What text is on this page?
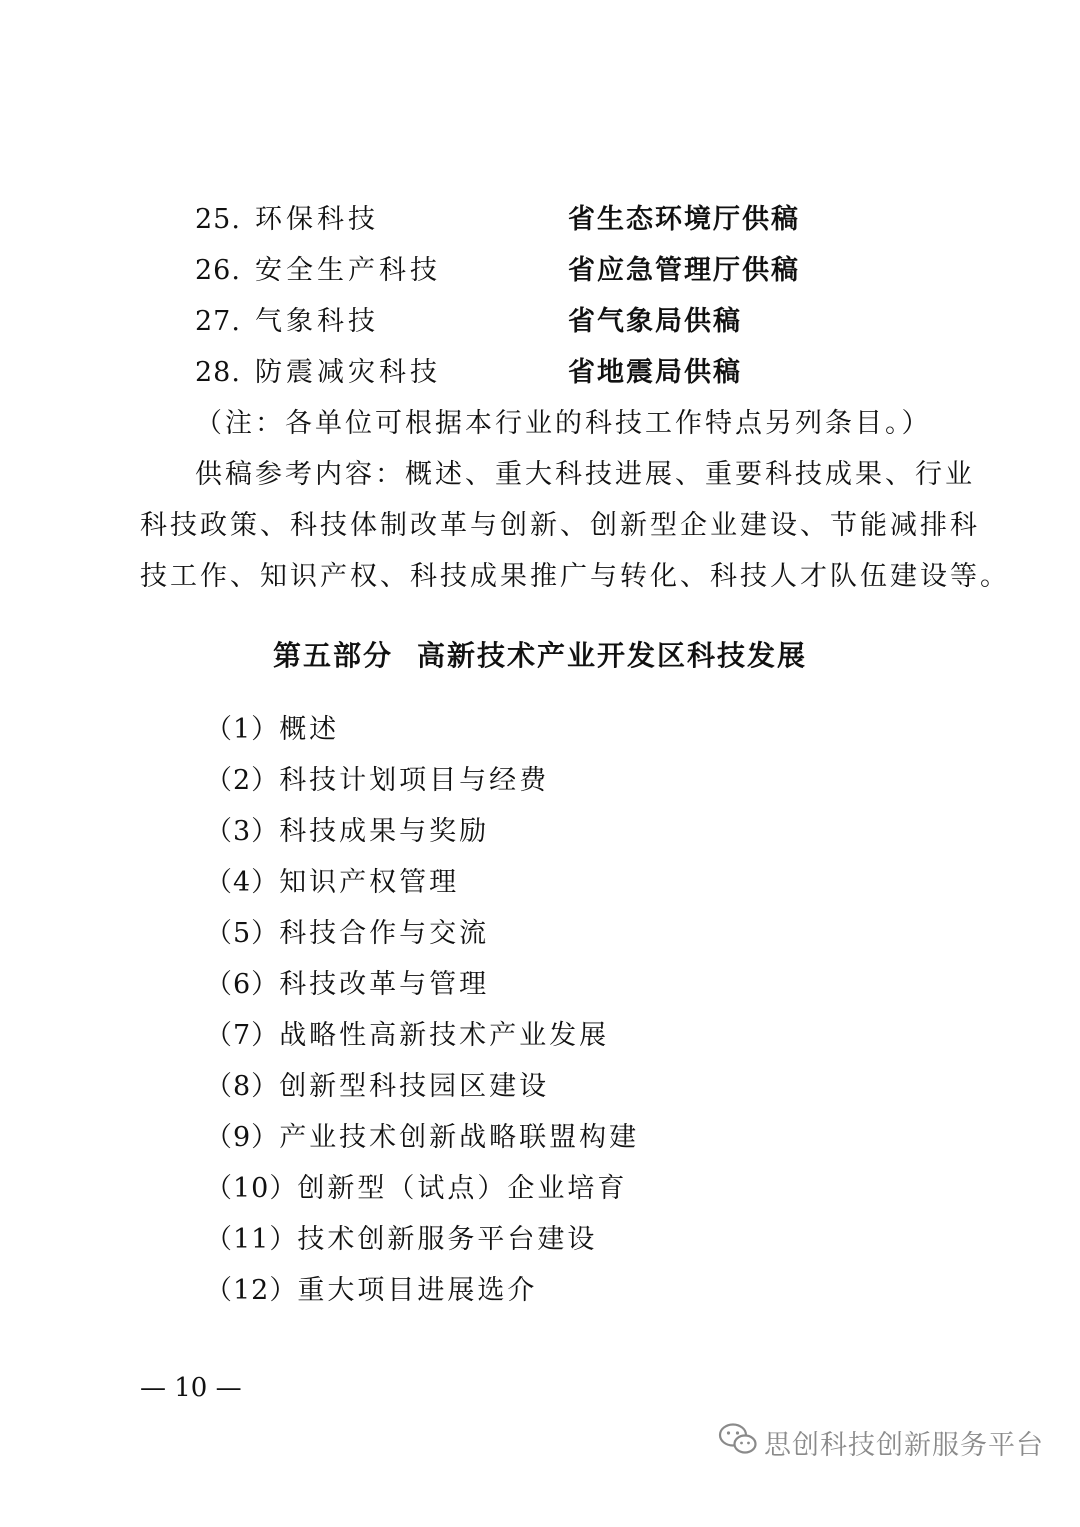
25. 环保科技	省生态环境厅供稿
26. 安全生产科技	省应急管理厅供稿
27. 气象科技	省气象局供稿
28. 防震减灾科技	省地震局供稿
（注：各单位可根据本行业的科技工作特点另列条目。）
供稿参考内容：概述、重大科技进展、重要科技成果、行业
科技政策、科技体制改革与创新、创新型企业建设、节能减排科
技工作、知识产权、科技成果推广与转化、科技人才队伍建设等。
第五部分 高新技术产业开发区科技发展
（1）概述
（2）科技计划项目与经费
（3）科技成果与奖励
（4）知识产权管理
（5）科技合作与交流
（6）科技改革与管理
（7）战略性高新技术产业发展
（8）创新型科技园区建设
（9）产业技术创新战略联盟构建
（10）创新型（试点）企业培育
（11）技术创新服务平台建设
（12）重大项目进展选介
— 10 —
思创科技创新服务平台
